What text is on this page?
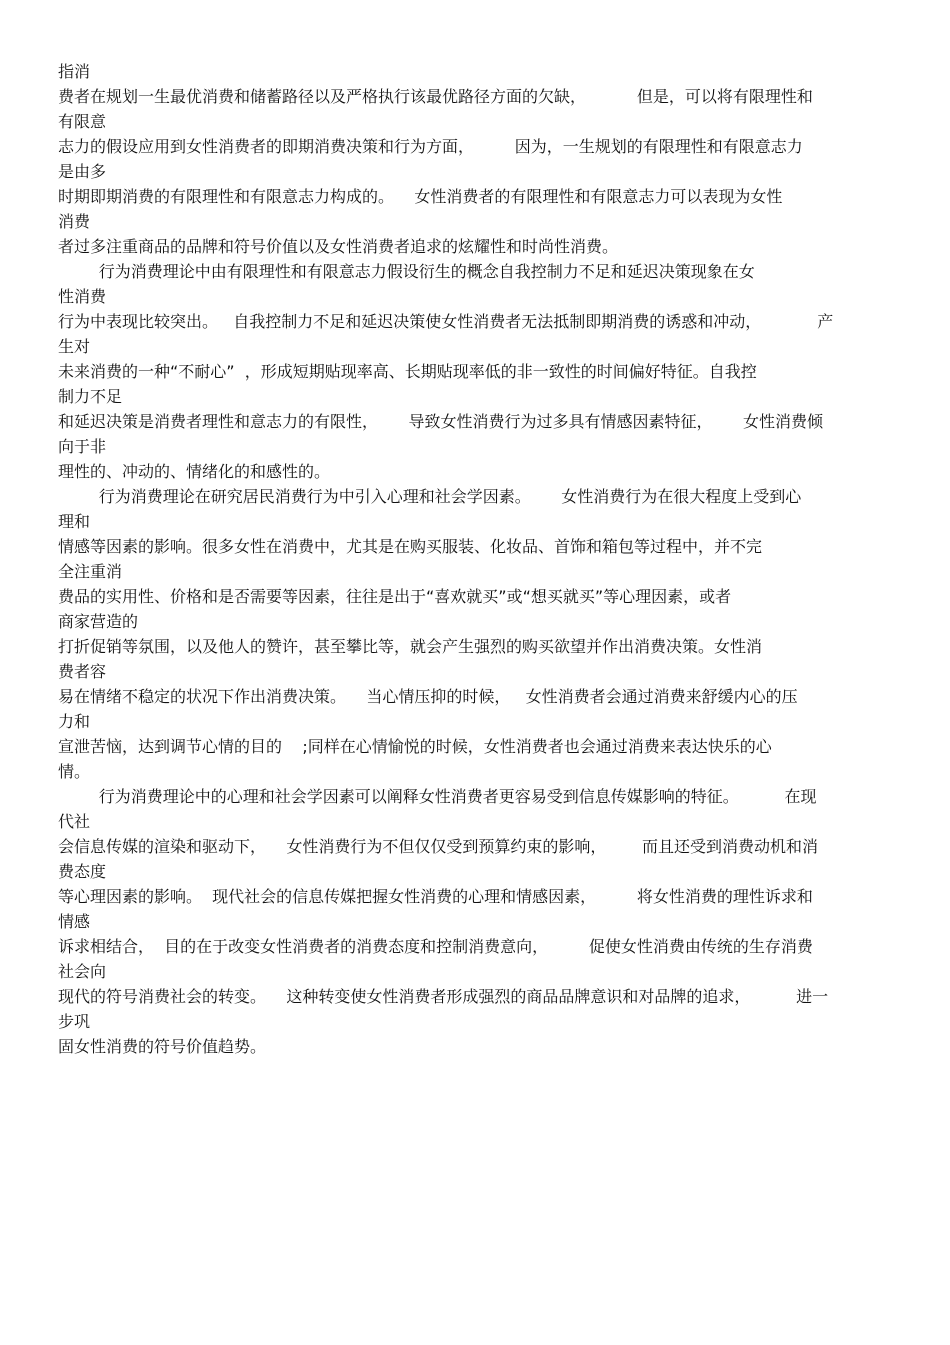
指消
费者在规划一生最优消费和储蓄路径以及严格执行该最优路径方面的欠缺，          但是，可以将有限理性和
有限意
志力的假设应用到女性消费者的即期消费决策和行为方面，        因为，一生规划的有限理性和有限意志力
是由多
时期即期消费的有限理性和有限意志力构成的。    女性消费者的有限理性和有限意志力可以表现为女性
消费
者过多注重商品的品牌和符号价值以及女性消费者追求的炫耀性和时尚性消费。
行为消费理论中由有限理性和有限意志力假设衍生的概念自我控制力不足和延迟决策现象在女
性消费
行为中表现比较突出。   自我控制力不足和延迟决策使女性消费者无法抵制即期消费的诱惑和冲动，           产
生对
未来消费的一种“不耐心”  ，形成短期贴现率高、长期贴现率低的非一致性的时间偏好特征。自我控
制力不足
和延迟决策是消费者理性和意志力的有限性，      导致女性消费行为过多具有情感因素特征，      女性消费倾
向于非
理性的、冲动的、情绪化的和感性的。
行为消费理论在研究居民消费行为中引入心理和社会学因素。      女性消费行为在很大程度上受到心
理和
情感等因素的影响。很多女性在消费中，尤其是在购买服装、化妆品、首饰和箱包等过程中，并不完
全注重消
费品的实用性、价格和是否需要等因素，往往是出于“喜欢就买”或“想买就买”等心理因素，或者
商家营造的
打折促销等氛围，以及他人的赞许，甚至攀比等，就会产生强烈的购买欲望并作出消费决策。女性消
费者容
易在情绪不稳定的状况下作出消费决策。    当心情压抑的时候，   女性消费者会通过消费来舒缓内心的压
力和
宣泄苦恼，达到调节心情的目的    ;同样在心情愉悦的时候，女性消费者也会通过消费来表达快乐的心
情。
行为消费理论中的心理和社会学因素可以阐释女性消费者更容易受到信息传媒影响的特征。         在现
代社
会信息传媒的渲染和驱动下，    女性消费行为不但仅仅受到预算约束的影响，       而且还受到消费动机和消
费态度
等心理因素的影响。  现代社会的信息传媒把握女性消费的心理和情感因素，        将女性消费的理性诉求和
情感
诉求相结合，  目的在于改变女性消费者的消费态度和控制消费意向，        促使女性消费由传统的生存消费
社会向
现代的符号消费社会的转变。    这种转变使女性消费者形成强烈的商品品牌意识和对品牌的追求，         进一
步巩
固女性消费的符号价值趋势。
